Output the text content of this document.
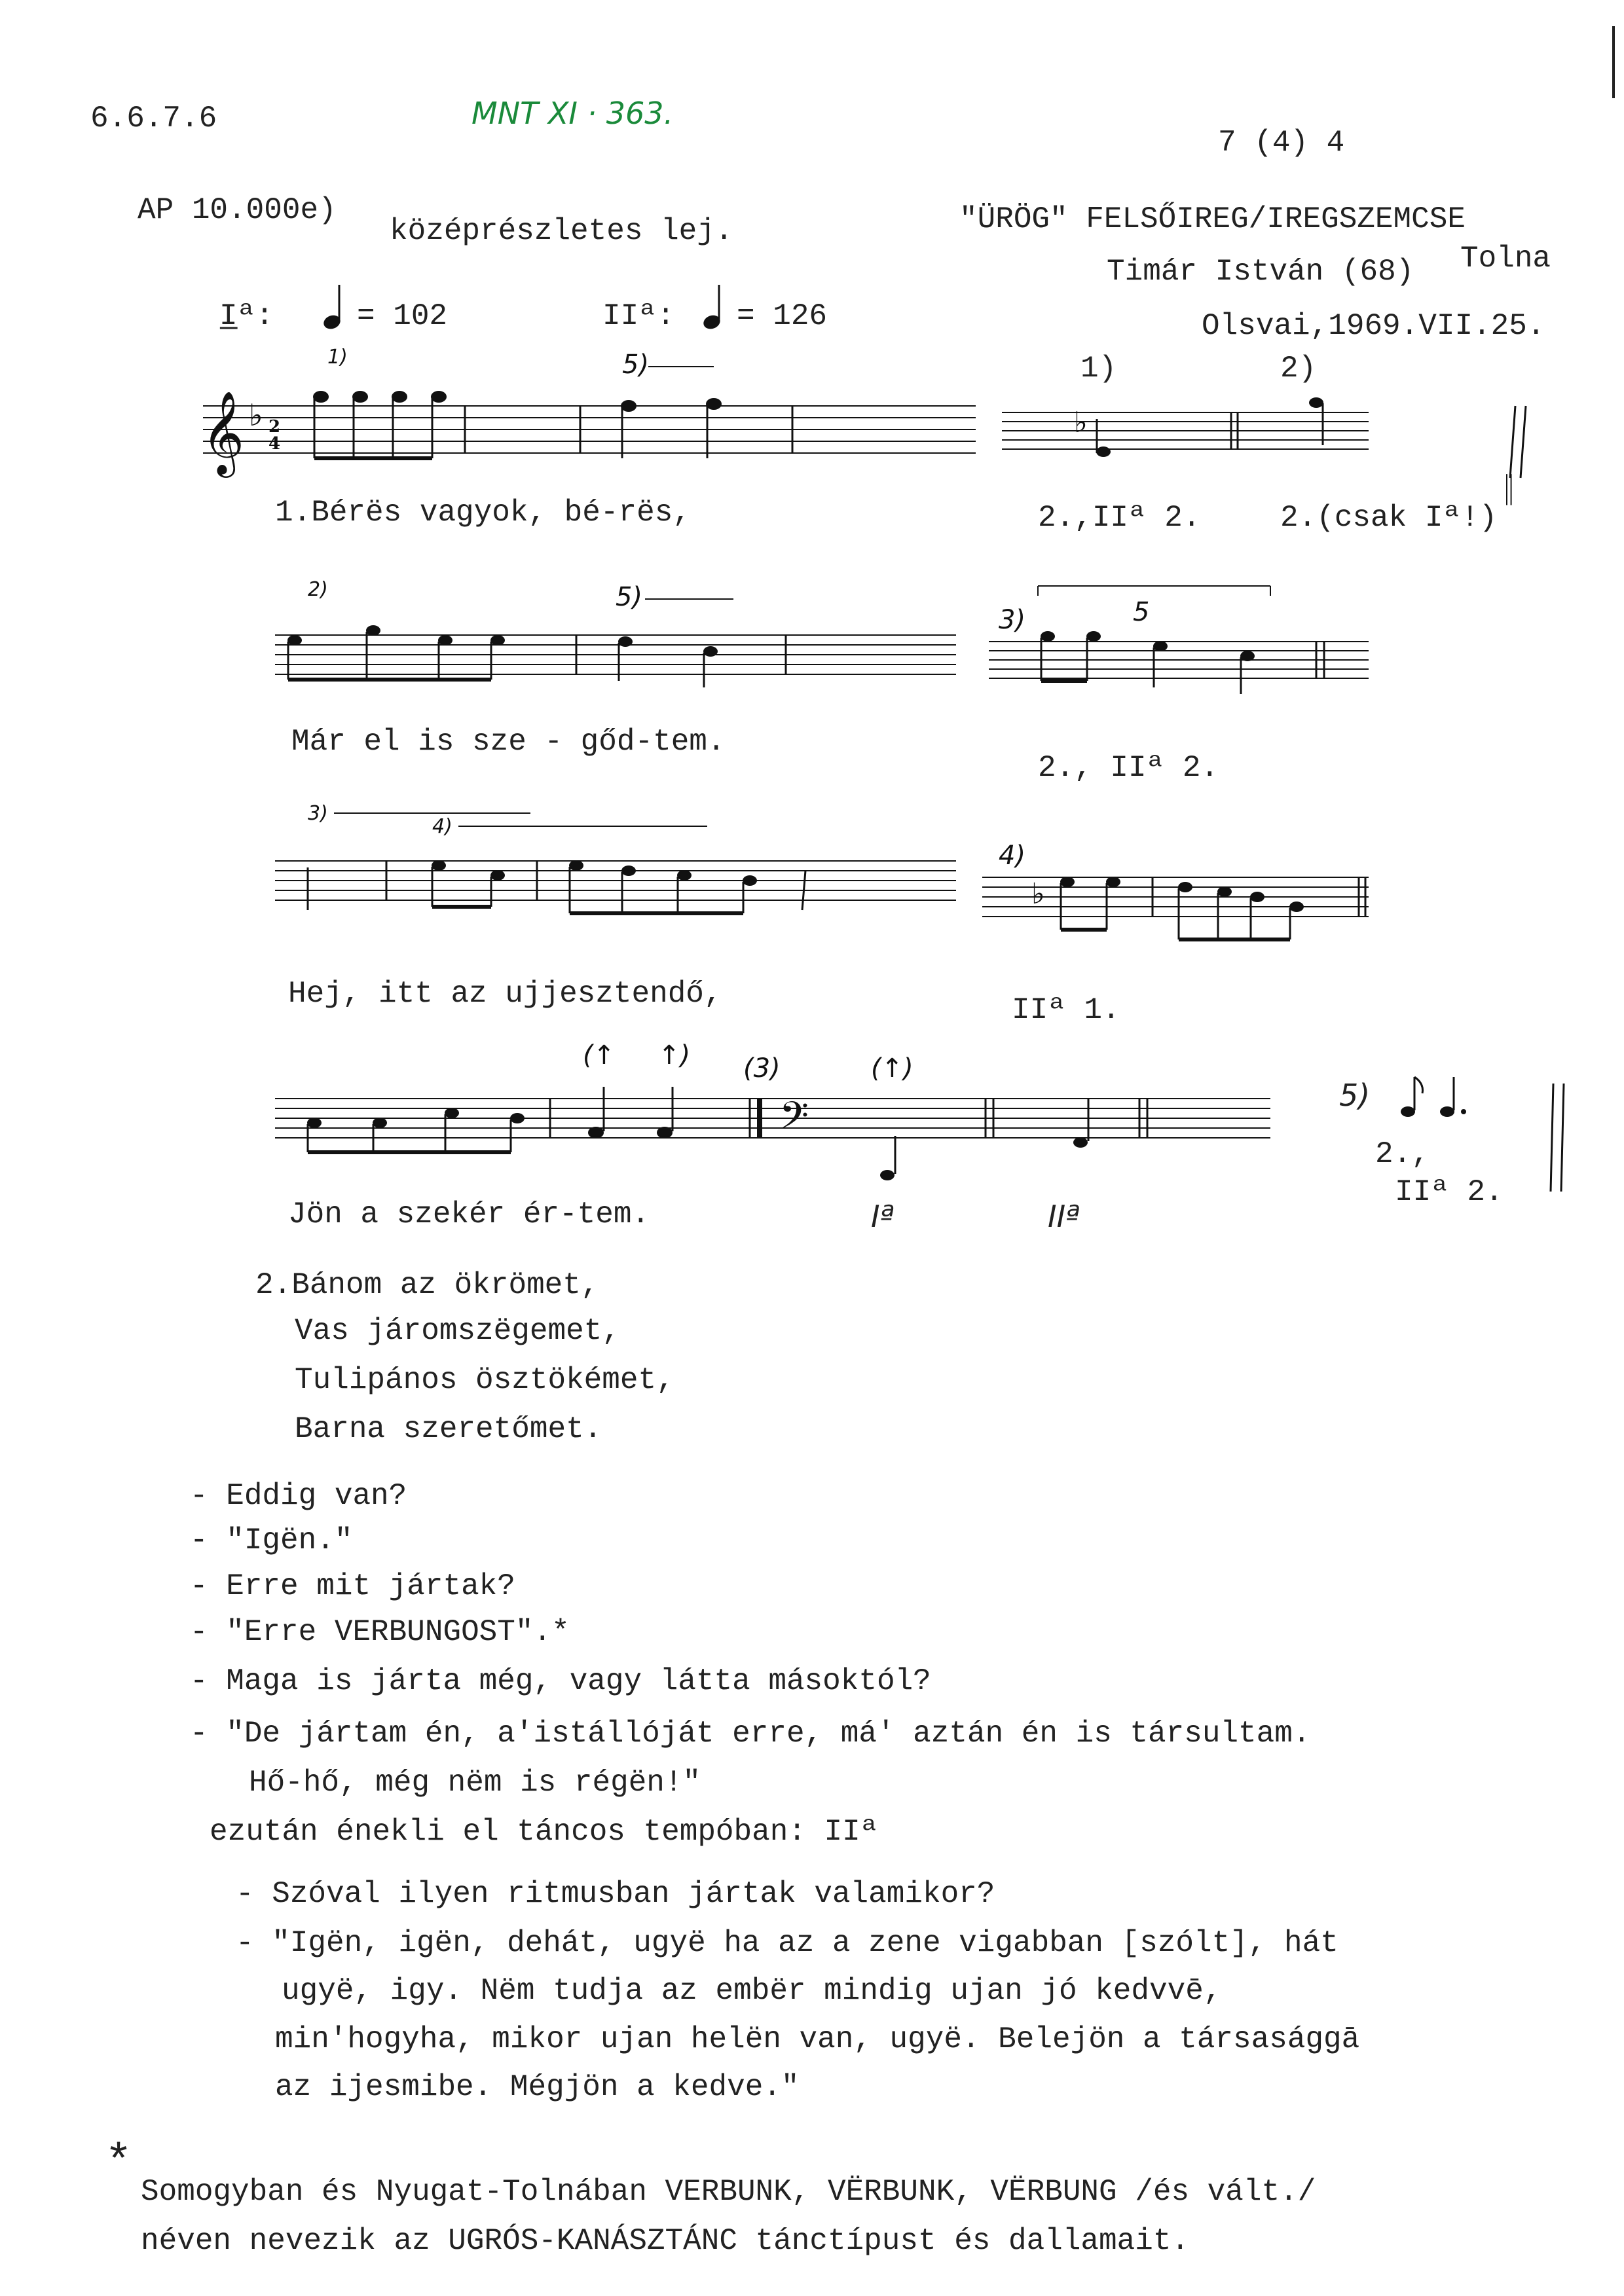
6.6.7.6	MNT XI · 363.
7 (4) 4
AP 10.000e)
középrészletes lej.	"ÜRÖG" FELSŐIREG/IREGSZEMCSE
Timár István (68) Tolna
Olsvai,1969.VII.25.
I̲ª:	= 102	IIª: = 126
𝄞 ♭ 2
4
1)	5)
1.Bérës vagyok, bé-rës,
♭
𝄁
1)	2)
2.,IIª 2.	2.(csak Iª!)
2)	5)
Már el is sze - gőd-tem.
3)	5
2., IIª 2.
3)
4)
Hej, itt az ujjesztendő,
4)
♭
IIª 1.
(↑ ↑) (3)	(↑)
𝄢
Jön a szekér ér-tem.	Iª	IIª
5)
2.,
IIª 2.
2.Bánom az ökrömet,
Vas járomszëgemet,
Tulipános ösztökémet,
Barna szeretőmet.
- Eddig van?
- "Igën."
- Erre mit jártak?
- "Erre VERBUNGOST".*
- Maga is járta még, vagy látta másoktól?
- "De jártam én, a'istállóját erre, má' aztán én is társultam.
Hő-hő, még nëm is régën!"
ezután énekli el táncos tempóban: IIª
- Szóval ilyen ritmusban jártak valamikor?
- "Igën, igën, dehát, ugyë ha az a zene vigabban [szólt], hát
ugyë, igy. Nëm tudja az embër mindig ujan jó kedvvē,
min'hogyha, mikor ujan helën van, ugyë. Belejön a társasággā
az ijesmibe. Mégjön a kedve."
*
Somogyban és Nyugat-Tolnában VERBUNK, VËRBUNK, VËRBUNG /és vált./
néven nevezik az UGRÓS-KANÁSZTÁNC tánctípust és dallamait.
